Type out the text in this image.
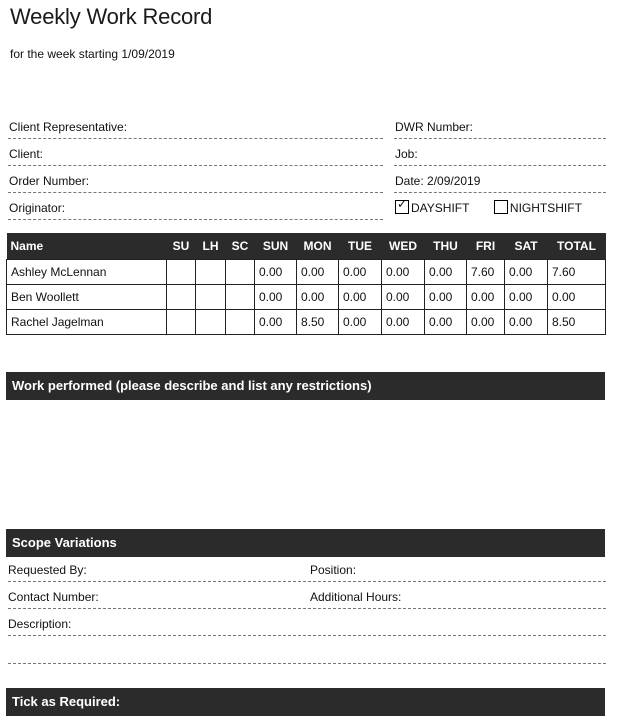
Weekly Work Record
for the week starting 1/09/2019
Client Representative:
Client:
Order Number:
Originator:
DWR Number:
Job:
Date: 2/09/2019
✓ DAYSHIFT	NIGHTSHIFT
Name	SU	LH	SC	SUN	MON	TUE	WED	THU	FRI	SAT	TOTAL
Ashley McLennan				0.00	0.00	0.00	0.00	0.00	7.60	0.00	7.60
Ben Woollett				0.00	0.00	0.00	0.00	0.00	0.00	0.00	0.00
Rachel Jagelman				0.00	8.50	0.00	0.00	0.00	0.00	0.00	8.50
Work performed (please describe and list any restrictions)
Scope Variations
Requested By:	Position:
Contact Number:	Additional Hours:
Description:
Tick as Required:
